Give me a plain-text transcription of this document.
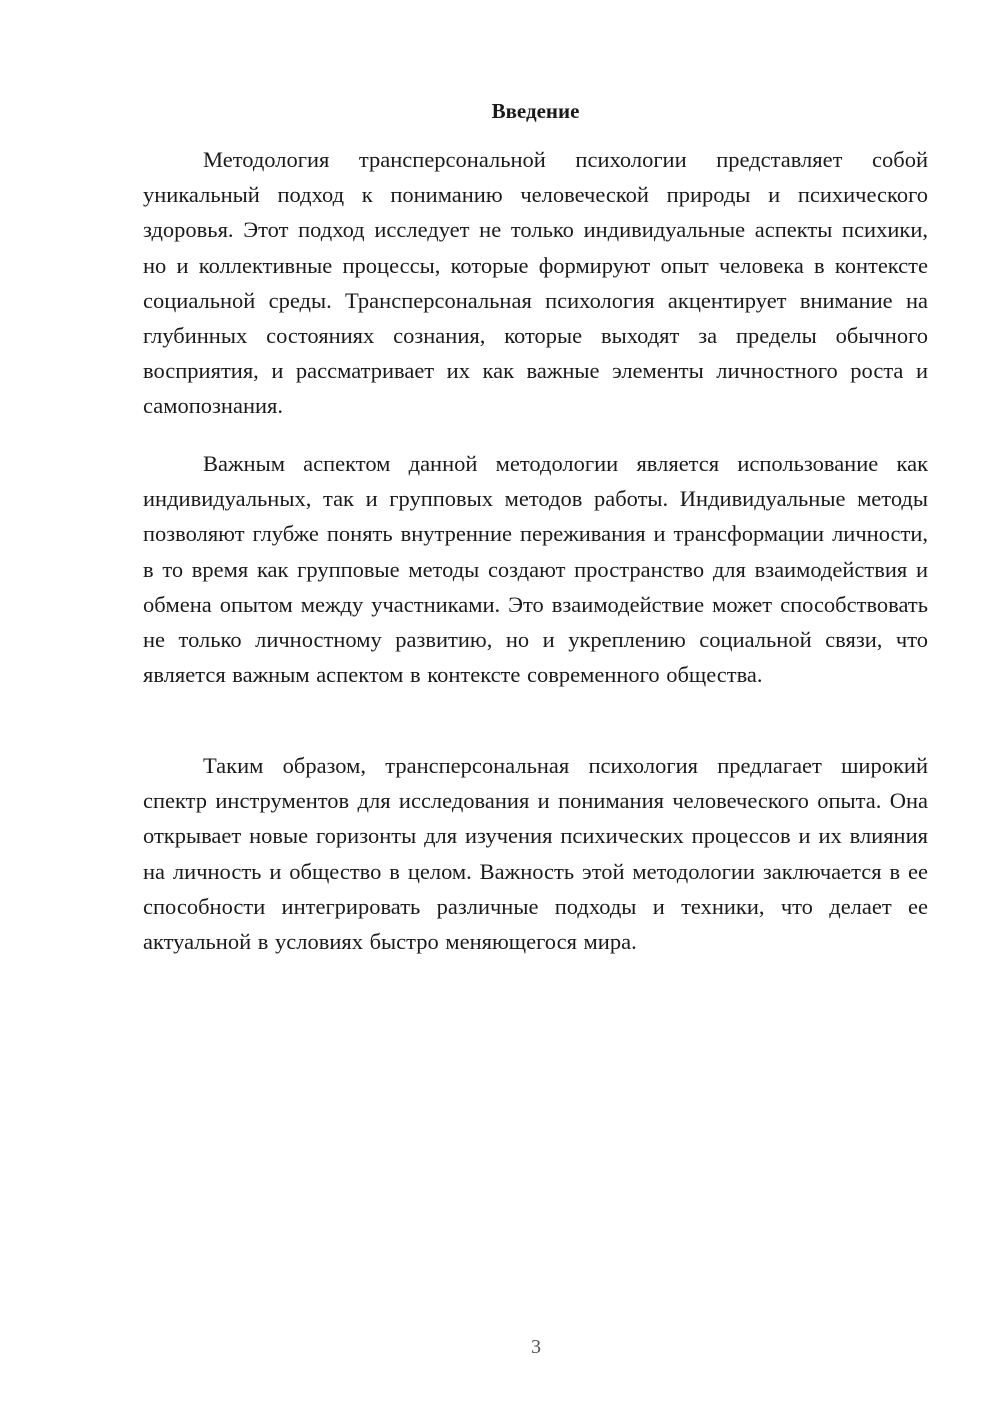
Введение

Методология трансперсональной психологии представляет собой уникальный подход к пониманию человеческой природы и психического здоровья. Этот подход исследует не только индивидуальные аспекты психики, но и коллективные процессы, которые формируют опыт человека в контексте социальной среды. Трансперсональная психология акцентирует внимание на глубинных состояниях сознания, которые выходят за пределы обычного восприятия, и рассматривает их как важные элементы личностного роста и самопознания.

Важным аспектом данной методологии является использование как индивидуальных, так и групповых методов работы. Индивидуальные методы позволяют глубже понять внутренние переживания и трансформации личности, в то время как групповые методы создают пространство для взаимодействия и обмена опытом между участниками. Это взаимодействие может способствовать не только личностному развитию, но и укреплению социальной связи, что является важным аспектом в контексте современного общества.

Таким образом, трансперсональная психология предлагает широкий спектр инструментов для исследования и понимания человеческого опыта. Она открывает новые горизонты для изучения психических процессов и их влияния на личность и общество в целом. Важность этой методологии заключается в ее способности интегрировать различные подходы и техники, что делает ее актуальной в условиях быстро меняющегося мира.

3
